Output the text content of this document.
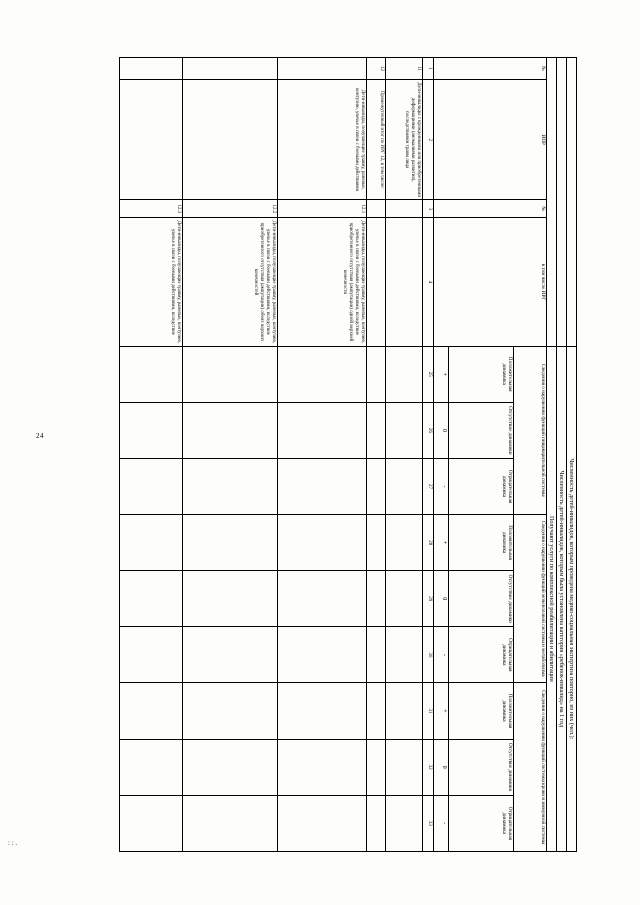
24
: : .
				Численность детей-инвалидов, которым проведена медико-социальная экспертиза повторно, из них (чел.):								
				Численность детей-инвалидов, которым была установлена категория «ребенок-инвалид» на 1 год								
				Получают услуги по комплексной реабилитации и абилитации								
№	ИПР	№	в том числе ИРГ	Сведения о нарушении функций пищеварительной системы			Сведения о нарушении функций мочеполовой системы и метаболизма			Сведения о нарушении функций системы крови и иммунной системы		
				Положительная динамика	Отсутствие динамики	Отрицательная динамика	Положительная динамика	Отсутствие динамики	Отрицательная динамика	Положительная динамика	Отсутствие динамики	Отрицательная динамика
				+	0	-	+	0	-	+	0	-
1	2	3	4	25	26	27	28	29	30	31	32	33
11	Дети-инвалиды с врожденными или приобретенными деформациями (аномалиями развития), последствиями травм лица											
12	Промежуточный итог по ИРГ 12, в том числе:											
	Дети-инвалиды, получающие травму, раневые, контузию, увечье в связи с боевыми действиями	12.1	Дети-инвалиды, получающие травму, раневые, контузию, увечье в связи с боевыми действиями, вследствие приобретенного отсутствия (ампутации) одной верхней конечности									
		12.2	Дети-инвалиды, получающие травму, раневые, контузию, увечье в связи с боевыми действиями, вследствие приобретенного отсутствия (ампутации) обеих верхних конечностей									
		12.3	Дети-инвалиды, получающие травму, раневые, контузию, увечье в связи с боевыми действиями, вследствие									
